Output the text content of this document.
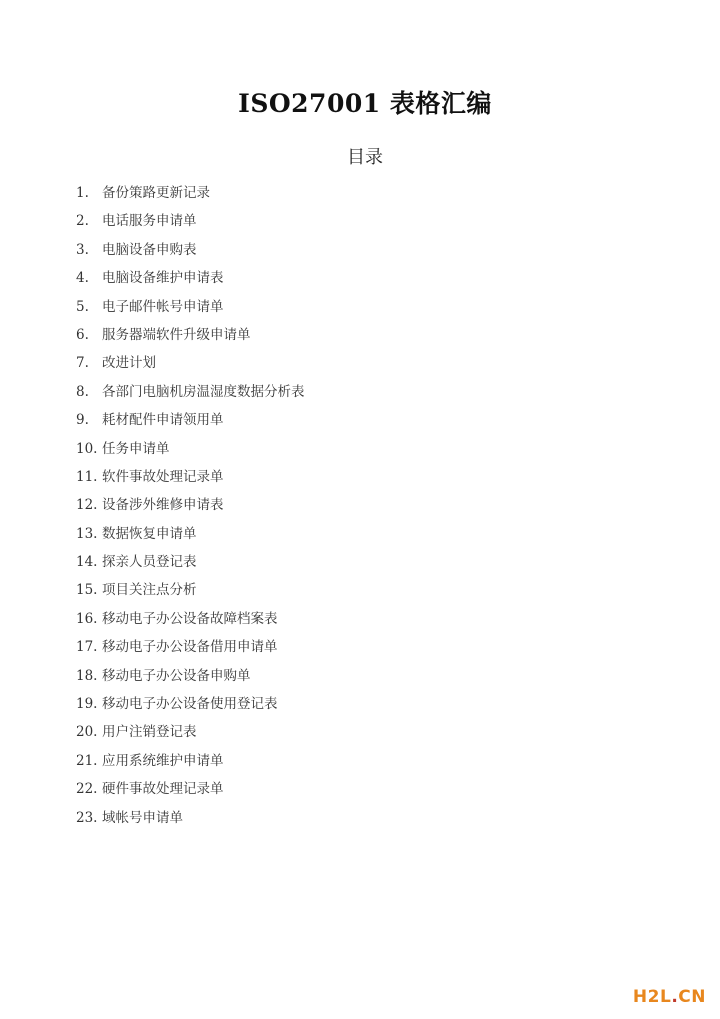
ISO27001 表格汇编
目录
1. 备份策路更新记录
2. 电话服务申请单
3. 电脑设备申购表
4. 电脑设备维护申请表
5. 电子邮件帐号申请单
6. 服务器端软件升级申请单
7. 改进计划
8. 各部门电脑机房温湿度数据分析表
9. 耗材配件申请领用单
10. 任务申请单
11. 软件事故处理记录单
12. 设备涉外维修申请表
13. 数据恢复申请单
14. 探亲人员登记表
15. 项目关注点分析
16. 移动电子办公设备故障档案表
17. 移动电子办公设备借用申请单
18. 移动电子办公设备申购单
19. 移动电子办公设备使用登记表
20. 用户注销登记表
21. 应用系统维护申请单
22. 硬件事故处理记录单
23. 域帐号申请单
H2L.CN
